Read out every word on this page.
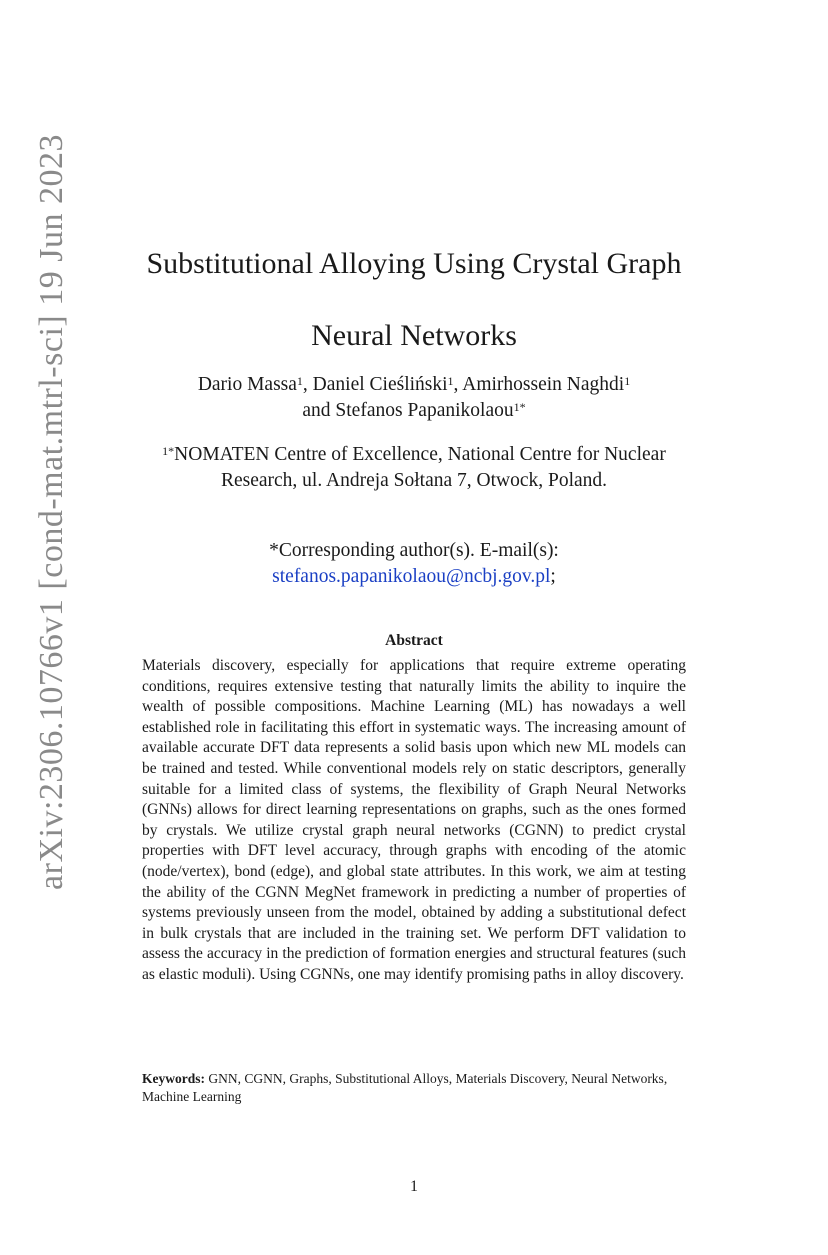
arXiv:2306.10766v1 [cond-mat.mtrl-sci] 19 Jun 2023	Substitutional Alloying Using Crystal Graph
Neural Networks
Dario Massa$^1$, Daniel Cieśliński$^1$, Amirhossein Naghdi$^1$
and Stefanos Papanikolaou$^{1*}$
$^{1*}$NOMATEN Centre of Excellence, National Centre for Nuclear
Research, ul. Andreja Sołtana 7, Otwock, Poland.
*Corresponding author(s). E-mail(s):
stefanos.papanikolaou@ncbj.gov.pl;
Abstract

Materials discovery, especially for applications that require extreme operating conditions, requires extensive testing that naturally limits the ability to inquire the wealth of possible compositions. Machine Learning (ML) has nowadays a well established role in facilitating this effort in systematic ways. The increasing amount of available accurate DFT data represents a solid basis upon which new ML models can be trained and tested. While conventional models rely on static descriptors, generally suitable for a limited class of systems, the flexibility of Graph Neural Networks (GNNs) allows for direct learning representations on graphs, such as the ones formed by crystals. We utilize crystal graph neural networks (CGNN) to predict crystal properties with DFT level accuracy, through graphs with encoding of the atomic (node/vertex), bond (edge), and global state attributes. In this work, we aim at testing the ability of the CGNN MegNet framework in predicting a number of properties of systems previously unseen from the model, obtained by adding a substitutional defect in bulk crystals that are included in the training set. We perform DFT validation to assess the accuracy in the prediction of formation energies and structural features (such as elastic moduli). Using CGNNs, one may identify promising paths in alloy discovery.

Keywords: GNN, CGNN, Graphs, Substitutional Alloys, Materials Discovery, Neural Networks, Machine Learning
1
